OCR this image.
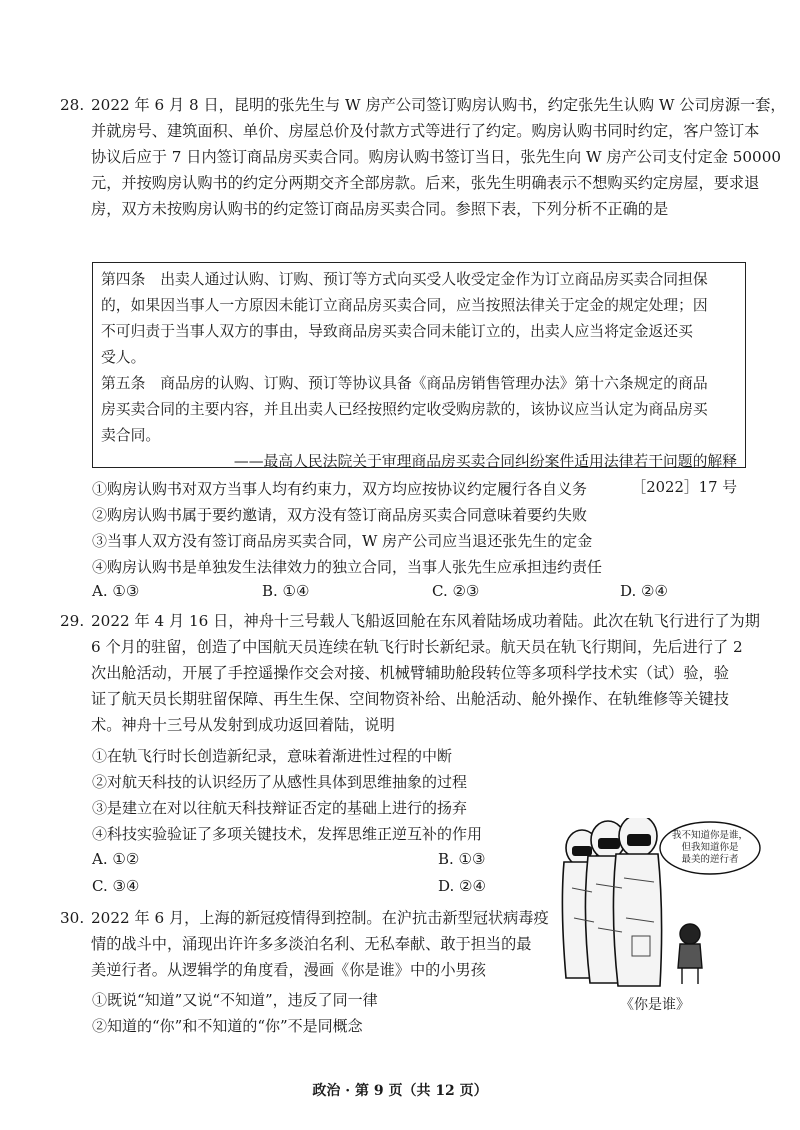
28. 2022 年 6 月 8 日，昆明的张先生与 W 房产公司签订购房认购书，约定张先生认购 W 公司房源一套，
并就房号、建筑面积、单价、房屋总价及付款方式等进行了约定。购房认购书同时约定，客户签订本
协议后应于 7 日内签订商品房买卖合同。购房认购书签订当日，张先生向 W 房产公司支付定金 50000
元，并按购房认购书的约定分两期交齐全部房款。后来，张先生明确表示不想购买约定房屋，要求退
房，双方未按购房认购书的约定签订商品房买卖合同。参照下表，下列分析不正确的是
第四条　出卖人通过认购、订购、预订等方式向买受人收受定金作为订立商品房买卖合同担保
的，如果因当事人一方原因未能订立商品房买卖合同，应当按照法律关于定金的规定处理；因
不可归责于当事人双方的事由，导致商品房买卖合同未能订立的，出卖人应当将定金返还买
受人。
第五条　商品房的认购、订购、预订等协议具备《商品房销售管理办法》第十六条规定的商品
房买卖合同的主要内容，并且出卖人已经按照约定收受购房款的，该协议应当认定为商品房买
卖合同。
——最高人民法院关于审理商品房买卖合同纠纷案件适用法律若干问题的解释
［2022］17 号
①购房认购书对双方当事人均有约束力，双方均应按协议约定履行各自义务
②购房认购书属于要约邀请，双方没有签订商品房买卖合同意味着要约失败
③当事人双方没有签订商品房买卖合同，W 房产公司应当退还张先生的定金
④购房认购书是单独发生法律效力的独立合同，当事人张先生应承担违约责任
A. ①③	B. ①④	C. ②③	D. ②④
29. 2022 年 4 月 16 日，神舟十三号载人飞船返回舱在东风着陆场成功着陆。此次在轨飞行进行了为期
6 个月的驻留，创造了中国航天员连续在轨飞行时长新纪录。航天员在轨飞行期间，先后进行了 2
次出舱活动，开展了手控遥操作交会对接、机械臂辅助舱段转位等多项科学技术实（试）验，验
证了航天员长期驻留保障、再生生保、空间物资补给、出舱活动、舱外操作、在轨维修等关键技
术。神舟十三号从发射到成功返回着陆，说明
①在轨飞行时长创造新纪录，意味着渐进性过程的中断
②对航天科技的认识经历了从感性具体到思维抽象的过程
③是建立在对以往航天科技辩证否定的基础上进行的扬弃
④科技实验验证了多项关键技术，发挥思维正逆互补的作用
A. ①②	B. ①③
C. ③④	D. ②④
30. 2022 年 6 月，上海的新冠疫情得到控制。在沪抗击新型冠状病毒疫
情的战斗中，涌现出许许多多淡泊名利、无私奉献、敢于担当的最
美逆行者。从逻辑学的角度看，漫画《你是谁》中的小男孩
①既说“知道”又说“不知道”，违反了同一律
②知道的“你”和不知道的“你”不是同概念
我不知道你是谁，
但我知道你是
最美的逆行者
《你是谁》
政治 · 第 9 页（共 12 页）
